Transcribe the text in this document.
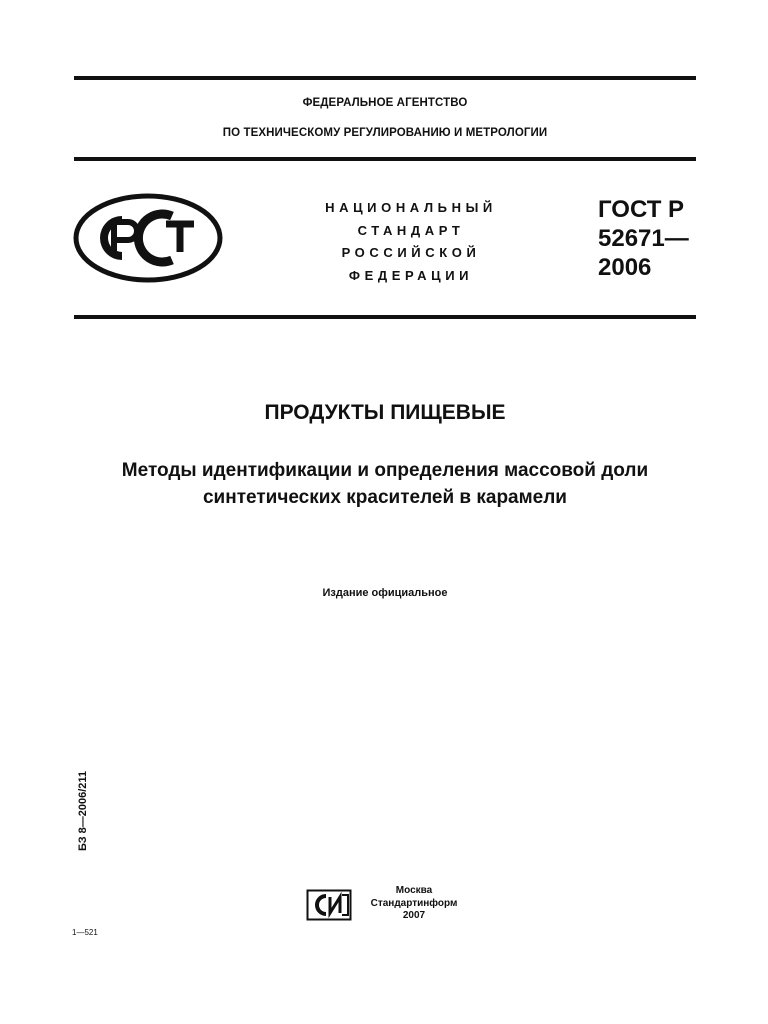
ФЕДЕРАЛЬНОЕ АГЕНТСТВО
ПО ТЕХНИЧЕСКОМУ РЕГУЛИРОВАНИЮ И МЕТРОЛОГИИ
НАЦИОНАЛЬНЫЙ
СТАНДАРТ
РОССИЙСКОЙ
ФЕДЕРАЦИИ
ГОСТ Р
52671—
2006
ПРОДУКТЫ ПИЩЕВЫЕ
Методы идентификации и определения массовой доли
синтетических красителей в карамели
Издание официальное
БЗ 8—2006/211
Москва
Стандартинформ
2007
1—521
